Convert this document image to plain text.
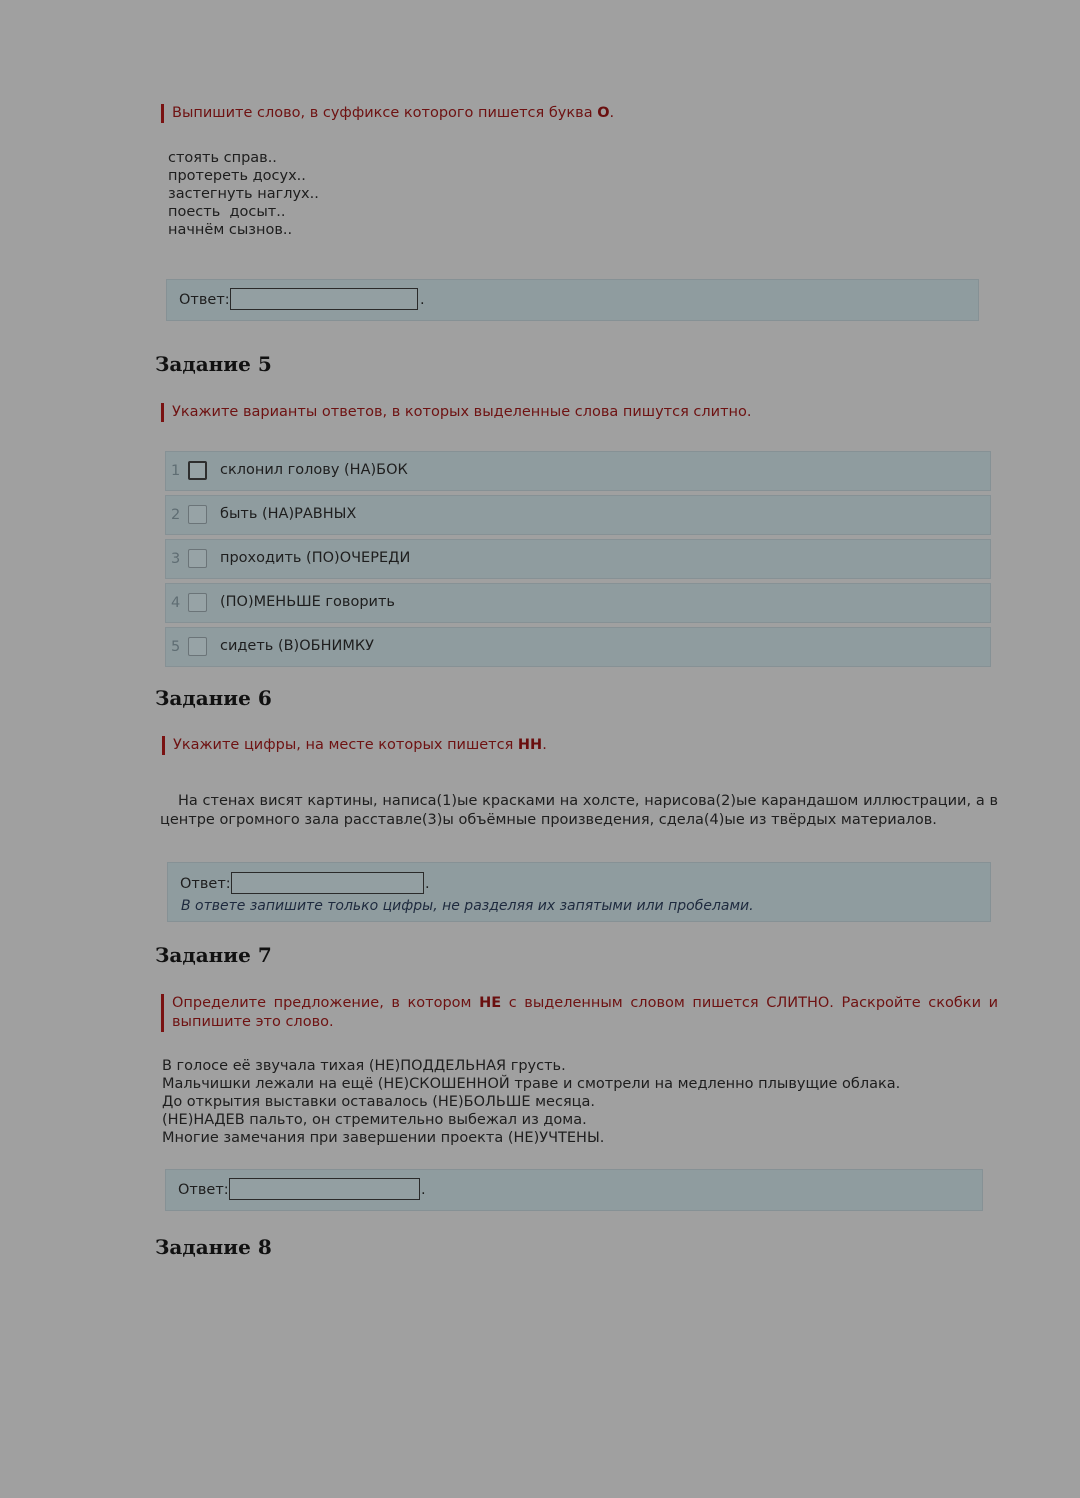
Выпишите слово, в суффиксе которого пишется буква О.
стоять справ..
протереть досух..
застегнуть наглух..
поесть  досыт..
начнём сызнов..
Ответ:	.
Задание 5
Укажите варианты ответов, в которых выделенные слова пишутся слитно.
1	склонил голову (НА)БОК
2	быть (НА)РАВНЫХ
3	проходить (ПО)ОЧЕРЕДИ
4	(ПО)МЕНЬШЕ говорить
5	сидеть (В)ОБНИМКУ
Задание 6
Укажите цифры, на месте которых пишется НН.
На стенах висят картины, написа(1)ые красками на холсте, нарисова(2)ые карандашом иллюстрации, а в центре огромного зала расставле(3)ы объёмные произведения, сдела(4)ые из твёрдых материалов.
Ответ:	.
В ответе запишите только цифры, не разделяя их запятыми или пробелами.
Задание 7
Определите предложение, в котором НЕ с выделенным словом пишется СЛИТНО. Раскройте скобки и выпишите это слово.
В голосе её звучала тихая (НЕ)ПОДДЕЛЬНАЯ грусть.
Мальчишки лежали на ещё (НЕ)СКОШЕННОЙ траве и смотрели на медленно плывущие облака.
До открытия выставки оставалось (НЕ)БОЛЬШЕ месяца.
(НЕ)НАДЕВ пальто, он стремительно выбежал из дома.
Многие замечания при завершении проекта (НЕ)УЧТЕНЫ.
Ответ:	.
Задание 8
